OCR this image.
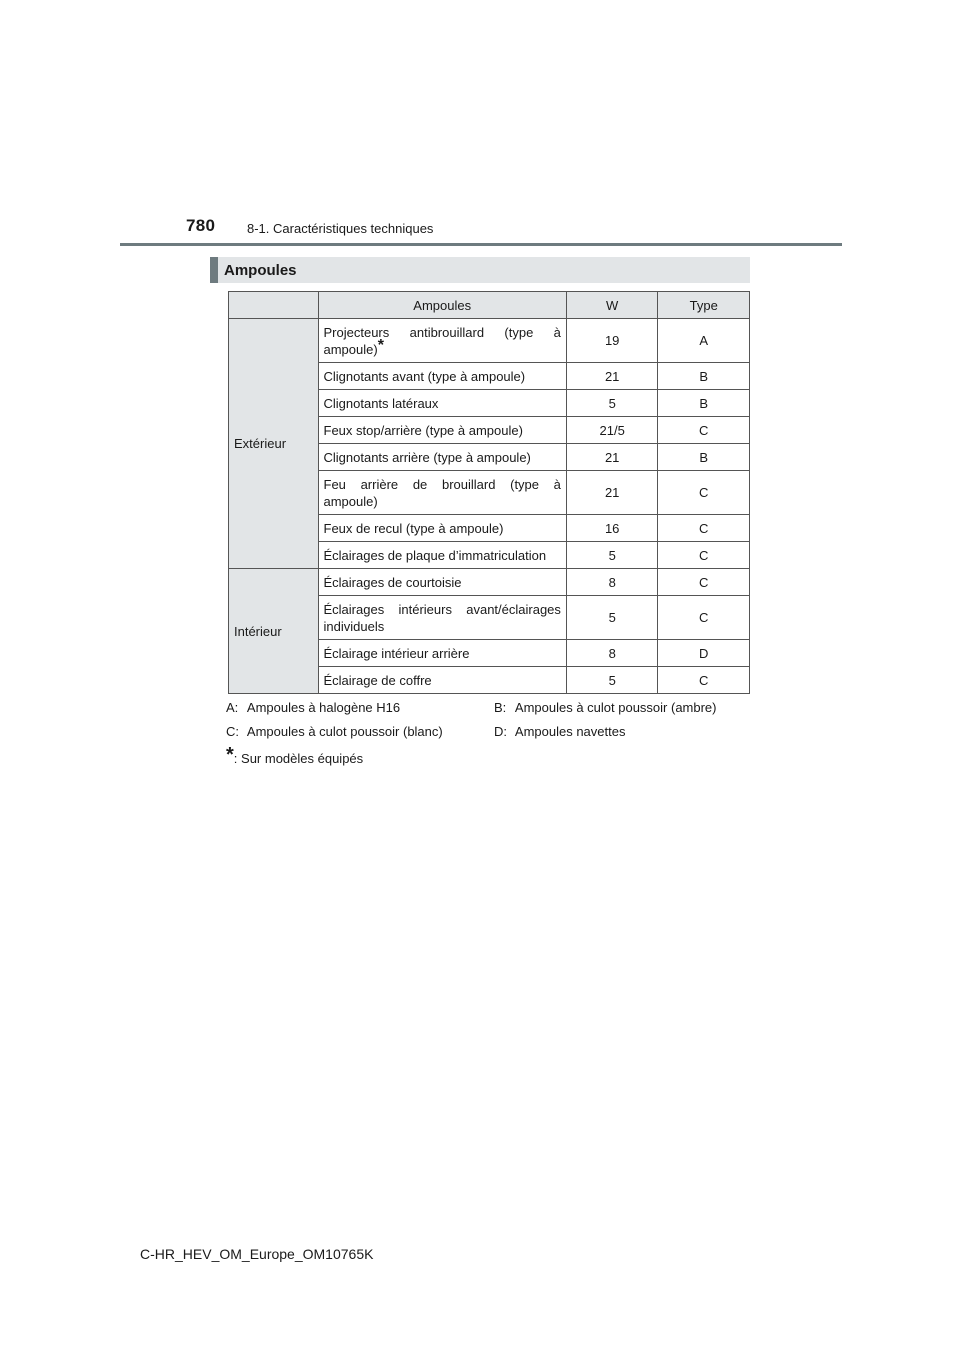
780 8-1. Caractéristiques techniques
Ampoules
	Ampoules	W	Type
Extérieur	Projecteurs antibrouillard (type à ampoule)*	19	A
	Clignotants avant (type à ampoule)	21	B
	Clignotants latéraux	5	B
	Feux stop/arrière (type à ampoule)	21/5	C
	Clignotants arrière (type à ampoule)	21	B
	Feu arrière de brouillard (type à ampoule)	21	C
	Feux de recul (type à ampoule)	16	C
	Éclairages de plaque d’immatriculation	5	C
Intérieur	Éclairages de courtoisie	8	C
	Éclairages intérieurs avant/éclairages individuels	5	C
	Éclairage intérieur arrière	8	D
	Éclairage de coffre	5	C
A: Ampoules à halogène H16	B: Ampoules à culot poussoir (ambre)
C: Ampoules à culot poussoir (blanc)	D: Ampoules navettes
*: Sur modèles équipés
C-HR_HEV_OM_Europe_OM10765K
